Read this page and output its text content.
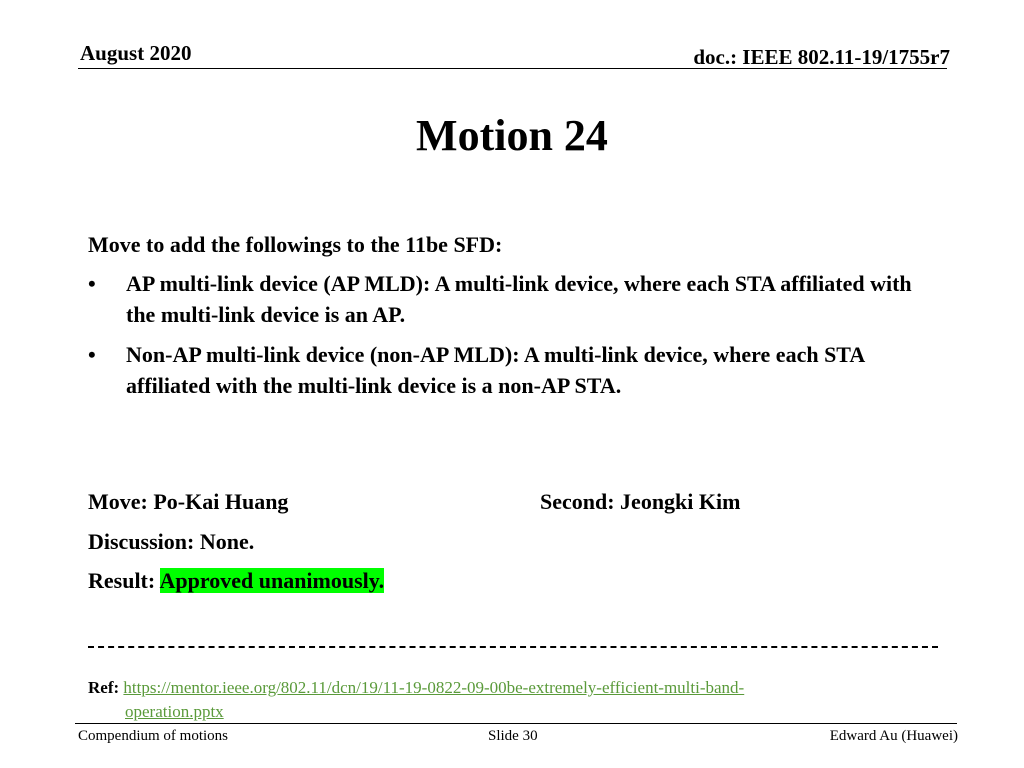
August 2020	doc.: IEEE 802.11-19/1755r7
Motion 24
Move to add the followings to the 11be SFD:
• AP multi-link device (AP MLD): A multi-link device, where each STA affiliated with the multi-link device is an AP.
• Non-AP multi-link device (non-AP MLD): A multi-link device, where each STA affiliated with the multi-link device is a non-AP STA.
Move: Po-Kai Huang	Second: Jeongki Kim
Discussion: None.
Result: Approved unanimously.
Ref: https://mentor.ieee.org/802.11/dcn/19/11-19-0822-09-00be-extremely-efficient-multi-band-
operation.pptx
Compendium of motions	Slide 30	Edward Au (Huawei)
